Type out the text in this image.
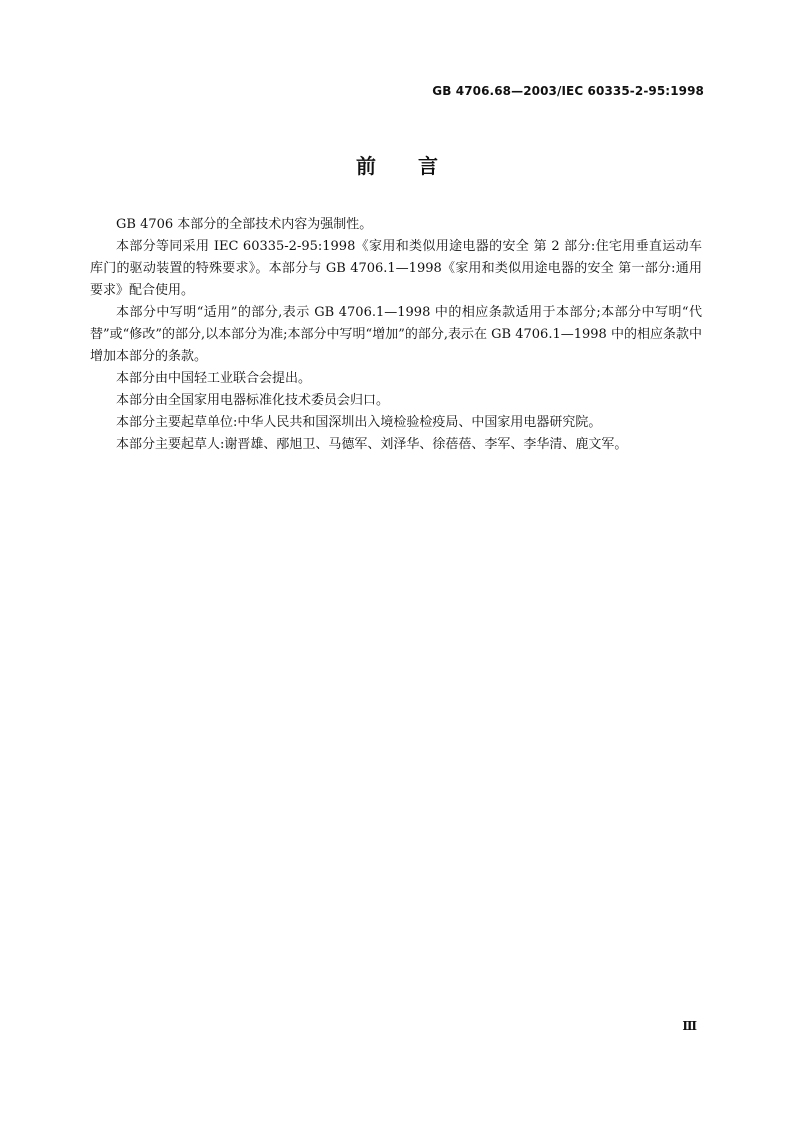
GB 4706.68—2003/IEC 60335-2-95:1998
前 言

GB 4706 本部分的全部技术内容为强制性。

本部分等同采用 IEC 60335-2-95:1998《家用和类似用途电器的安全 第 2 部分:住宅用垂直运动车库门的驱动装置的特殊要求》。本部分与 GB 4706.1—1998《家用和类似用途电器的安全 第一部分:通用要求》配合使用。

本部分中写明“适用”的部分,表示 GB 4706.1—1998 中的相应条款适用于本部分;本部分中写明“代替”或“修改”的部分,以本部分为准;本部分中写明“增加”的部分,表示在 GB 4706.1—1998 中的相应条款中增加本部分的条款。

本部分由中国轻工业联合会提出。

本部分由全国家用电器标准化技术委员会归口。

本部分主要起草单位:中华人民共和国深圳出入境检验检疫局、中国家用电器研究院。

本部分主要起草人:谢晋雄、邴旭卫、马德军、刘泽华、徐蓓蓓、李军、李华清、鹿文军。

Ⅲ
